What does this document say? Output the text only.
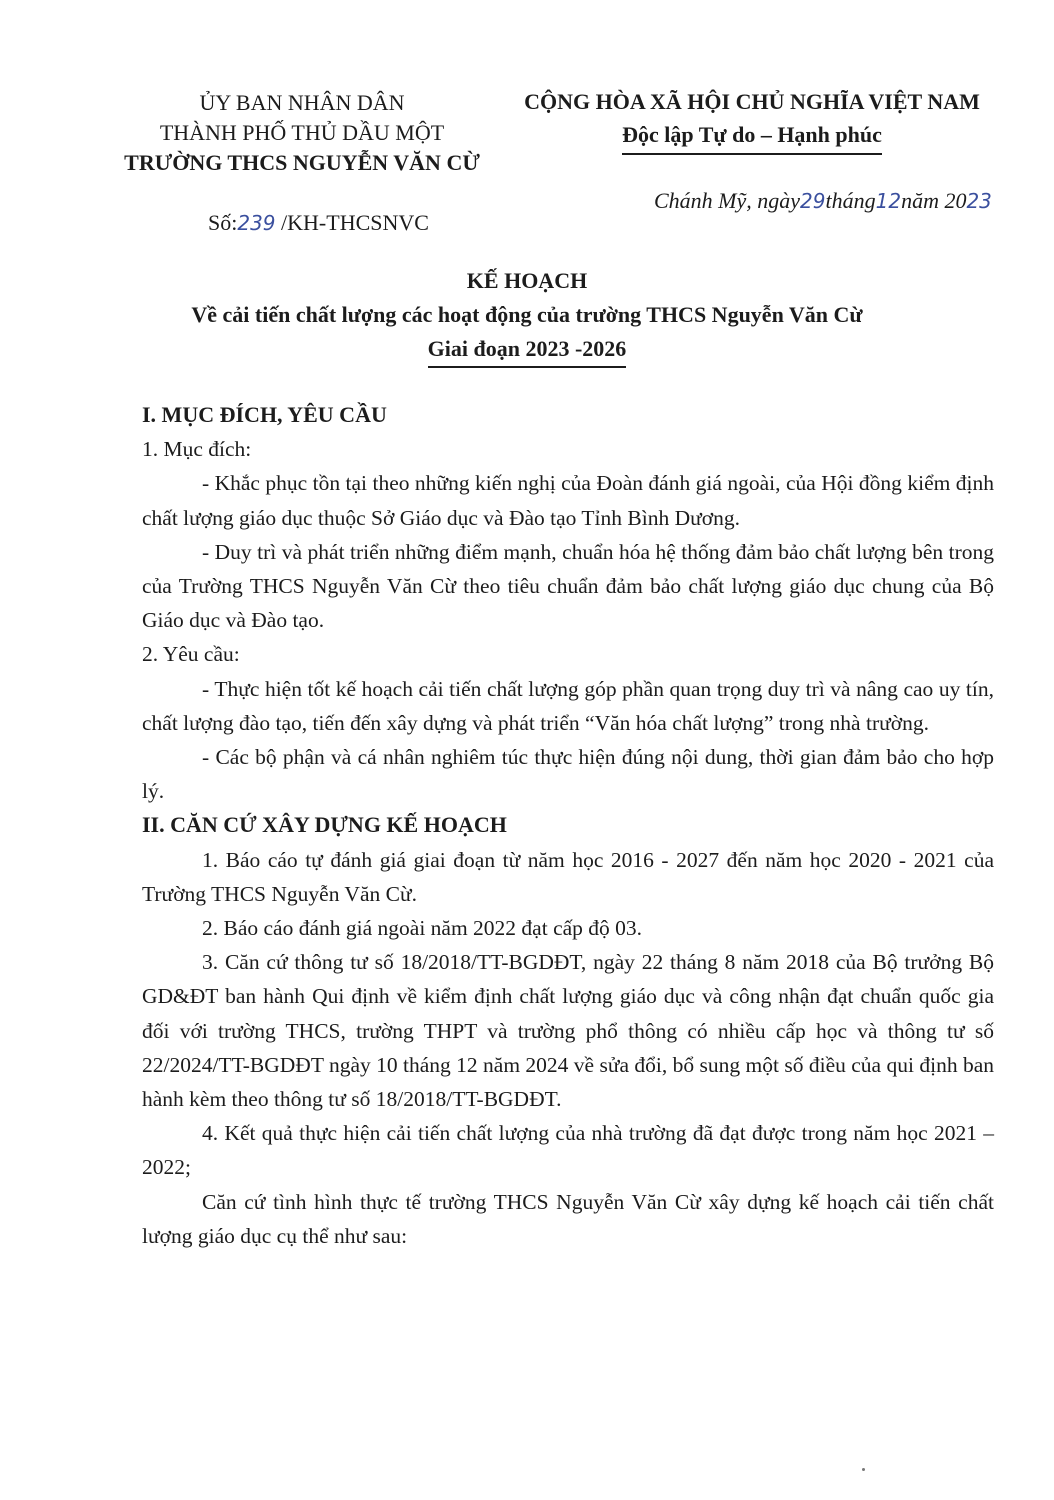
ỦY BAN NHÂN DÂN
THÀNH PHỐ THỦ DẦU MỘT
TRƯỜNG THCS NGUYỄN VĂN CỪ
CỘNG HÒA XÃ HỘI CHỦ NGHĨA VIỆT NAM
Độc lập Tự do – Hạnh phúc
Chánh Mỹ, ngày29tháng12năm 2023
Số:239 /KH-THCSNVC
KẾ HOẠCH
Về cải tiến chất lượng các hoạt động của trường THCS Nguyễn Văn Cừ
Giai đoạn 2023 -2026

I. MỤC ĐÍCH, YÊU CẦU

1. Mục đích:

- Khắc phục tồn tại theo những kiến nghị của Đoàn đánh giá ngoài, của Hội đồng kiểm định chất lượng giáo dục thuộc Sở Giáo dục và Đào tạo Tỉnh Bình Dương.

- Duy trì và phát triển những điểm mạnh, chuẩn hóa hệ thống đảm bảo chất lượng bên trong của Trường THCS Nguyễn Văn Cừ theo tiêu chuẩn đảm bảo chất lượng giáo dục chung của Bộ Giáo dục và Đào tạo.

2. Yêu cầu:

- Thực hiện tốt kế hoạch cải tiến chất lượng góp phần quan trọng duy trì và nâng cao uy tín, chất lượng đào tạo, tiến đến xây dựng và phát triển “Văn hóa chất lượng” trong nhà trường.

- Các bộ phận và cá nhân nghiêm túc thực hiện đúng nội dung, thời gian đảm bảo cho hợp lý.

II. CĂN CỨ XÂY DỰNG KẾ HOẠCH

1. Báo cáo tự đánh giá giai đoạn từ năm học 2016 - 2027 đến năm học 2020 - 2021 của Trường THCS Nguyễn Văn Cừ.

2. Báo cáo đánh giá ngoài năm 2022 đạt cấp độ 03.

3. Căn cứ thông tư số 18/2018/TT-BGDĐT, ngày 22 tháng 8 năm 2018 của Bộ trưởng Bộ GD&ĐT ban hành Qui định về kiểm định chất lượng giáo dục và công nhận đạt chuẩn quốc gia đối với trường THCS, trường THPT và trường phổ thông có nhiều cấp học và thông tư số 22/2024/TT-BGDĐT ngày 10 tháng 12 năm 2024 về sửa đổi, bổ sung một số điều của qui định ban hành kèm theo thông tư số 18/2018/TT-BGDĐT.

4. Kết quả thực hiện cải tiến chất lượng của nhà trường đã đạt được trong năm học 2021 – 2022;

Căn cứ tình hình thực tế trường THCS Nguyễn Văn Cừ xây dựng kế hoạch cải tiến chất lượng giáo dục cụ thể như sau:
